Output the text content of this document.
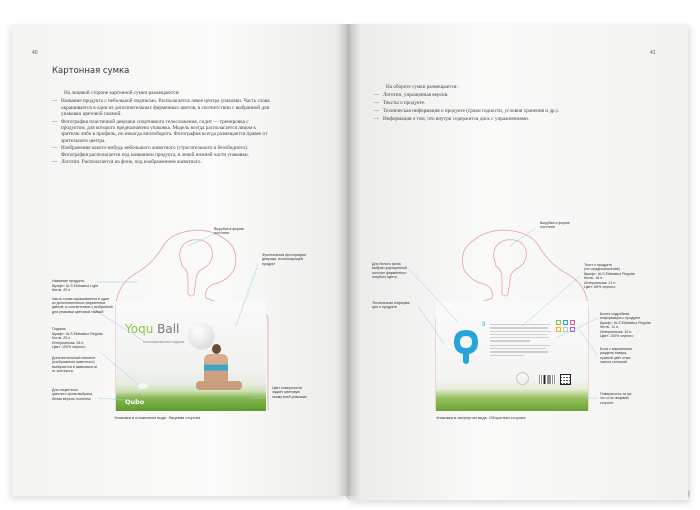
40
Картонная сумка
На лицевой стороне картонной сумки размещаются:
— Название продукта с небольшой подписью. Располагается левее центра упаковки. Часть слова окрашивается в один из дополнительных фирменных цветов, в соответствии с выбранной для упаковки цветовой гаммой.
— Фотография пластичной девушки спортивного телосложения, сидит — тренировка с продуктом, для которого предназначена упаковка. Модель всегда располагается лицом к зрителю либо в профиль, но никогда вполоборота. Фотография всегда размещается правее от зрительного центра.
— Изображение какого-нибудь небольшого животного (строгательного и безобидного). Фотография располагается под названием продукта, в левой нижней части упаковки.
— Логотип. Располагается на фоне, под изображением животного.
Yoqu Ball
Балансировочная подушка
Qubo
Вырубка в форме
логотипа
Фронтальная фотография
девушки, использующей
продукт
Название продукта
Шрифт: ALS Ekibastuz Light
Кегль: 20 п.

Часть слова окрашивается в один
из дополнительных фирменных
цветов, в соответствии с выбранной
для упаковки цветовой гаммой
Подпись
Шрифт: ALS Ekibastuz Regular
Кегль: 25 п.
Интерлиньяж: 28 п.
Цвет: 100% черного
Дополнительный элемент
(изображение животного)
выбирается в зависимости
от контекста
Для нецветного
цветного фона выбрана
белая версия логотипа
Цвет поверхности
задает цветовую
гамму всей упаковки
Упаковка в сложенном виде. Лицевая сторона
41
На обороте сумки размещаются:
— Логотип, упрощенная версия.
— Тексты о продукте.
— Техническая информация о продукте (сроки годности, условия хранения и др.).
— Информация о том, что внутри содержится диск с упражнениями.
3
Вырубка в форме
логотипа
Для белого фона
выбран упрощенный
логотип фирменного
голубого цвета
Техническая информа-
ция о продукте
Текст о продукте
(его предназначение)
Шрифт: ALS Ekibastuz Regular
Кегль: 18 п.
Интерлиньяж: 21 п.
Цвет: 65% черного
Более подробная
информация о продукте
Шрифт: ALS Ekibastuz Regular
Кегль: 11 п.
Интерлиньяж: 15 п.
Цвет: 100% черного
Блок с вариантами
раздела товара,
нужный цвет отме-
чается галочкой
Поверхность та же,
что и на лицевой
стороне
Упаковка в свернутом виде. Оборотная сторона
